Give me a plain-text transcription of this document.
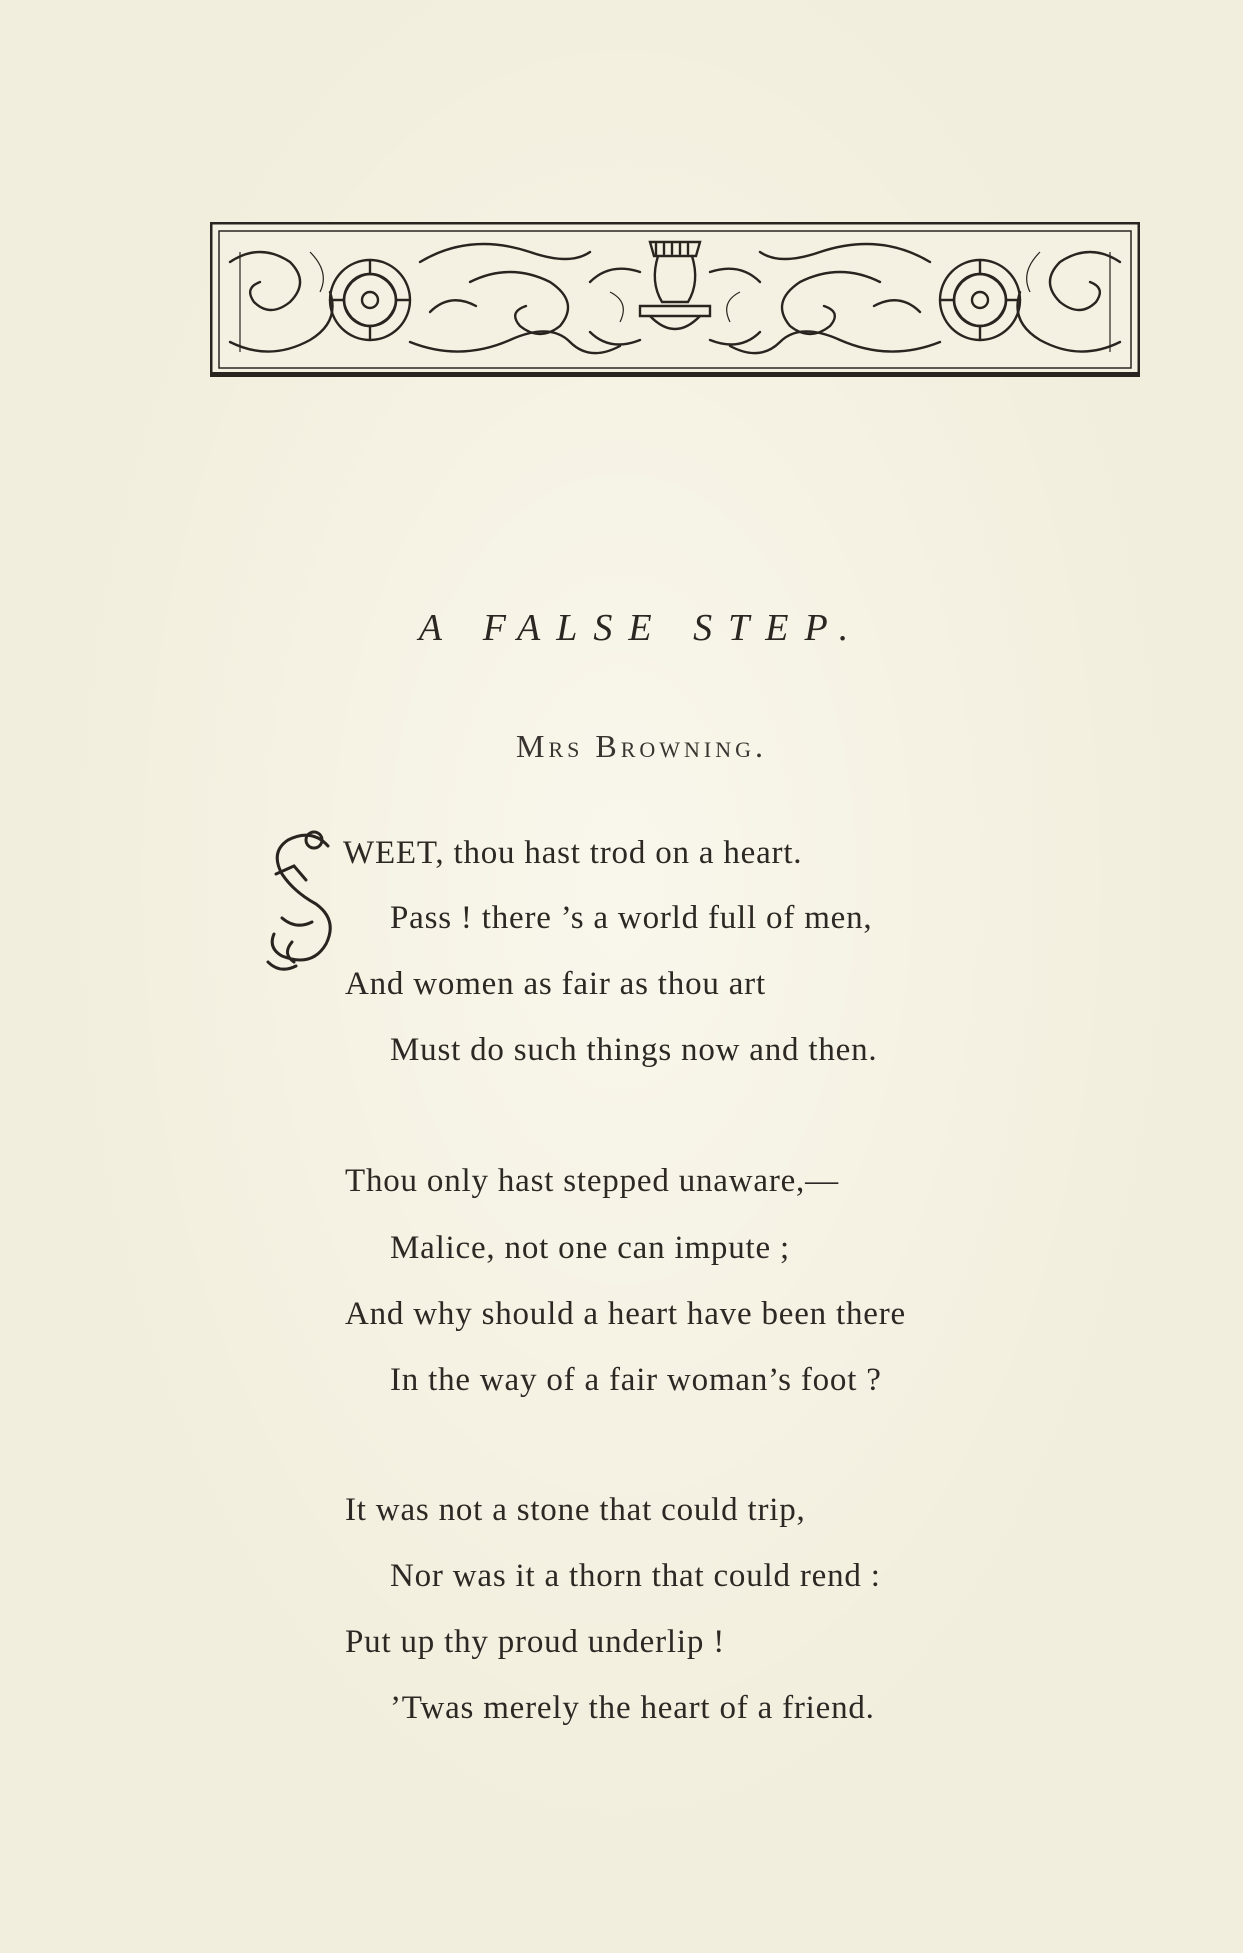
A FALSE STEP.
Mrs Browning.
WEET, thou hast trod on a heart.
Pass ! there ’s a world full of men,
And women as fair as thou art
Must do such things now and then.
Thou only hast stepped unaware,—
Malice, not one can impute ;
And why should a heart have been there
In the way of a fair woman’s foot ?
It was not a stone that could trip,
Nor was it a thorn that could rend :
Put up thy proud underlip !
’Twas merely the heart of a friend.
